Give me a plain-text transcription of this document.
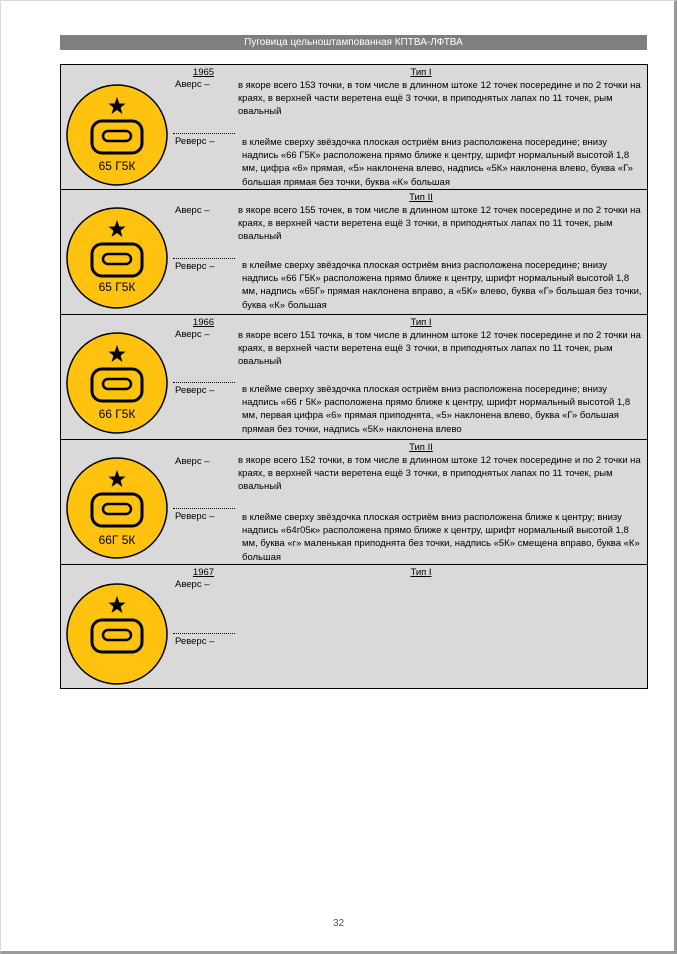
Пуговица цельноштампованная КПТВА-ЛФТВА
65 Г5К
1965	Тип I
Аверс –	в якоре всего 153 точки, в том числе в длинном штоке 12 точек посередине и по 2 точки на краях, в верхней части веретена ещё 3 точки, в приподнятых лапах по 11 точек, рым овальный
Реверс –	в клейме сверху звёздочка плоская остриём вниз расположена посередине; внизу надпись «66 Г5К» расположена прямо ближе к центру, шрифт нормальный высотой 1,8 мм, цифра «6» прямая, «5» наклонена влево, надпись «5К» наклонена влево, буква «Г» большая прямая без точки, буква «К» большая
65 Г5К
Тип II
Аверс –	в якоре всего 155 точек, в том числе в длинном штоке 12 точек посередине и по 2 точки на краях, в верхней части веретена ещё 3 точки, в приподнятых лапах по 11 точек, рым овальный
Реверс –	в клейме сверху звёздочка плоская остриём вниз расположена посередине; внизу надпись «66 Г5К» расположена прямо ближе к центру, шрифт нормальный высотой 1,8 мм, надпись «65Г» прямая наклонена вправо, а «5К» влево, буква «Г» большая без точки, буква «К» большая
66 Г5К
1966	Тип I
Аверс –	в якоре всего 151 точка, в том числе в длинном штоке 12 точек посередине и по 2 точки на краях, в верхней части веретена ещё 3 точки, в приподнятых лапах по 11 точек, рым овальный
Реверс –	в клейме сверху звёздочка плоская остриём вниз расположена посередине; внизу надпись «66 г 5К» расположена прямо ближе к центру, шрифт нормальный высотой 1,8 мм, первая цифра «6» прямая приподнята, «5» наклонена влево, буква «Г» большая прямая без точки, надпись «5К» наклонена влево
66Г 5К
Тип II
Аверс –	в якоре всего 152 точки, в том числе в длинном штоке 12 точек посередине и по 2 точки на краях, в верхней части веретена ещё 3 точки, в приподнятых лапах по 11 точек, рым овальный
Реверс –	в клейме сверху звёздочка плоская остриём вниз расположена ближе к центру; внизу надпись «64г05к» расположена прямо ближе к центру, шрифт нормальный высотой 1,8 мм, буква «г» маленькая приподнята без точки, надпись «5К» смещена вправо, буква «К» большая
1967	Тип I
Аверс –
Реверс –
32
